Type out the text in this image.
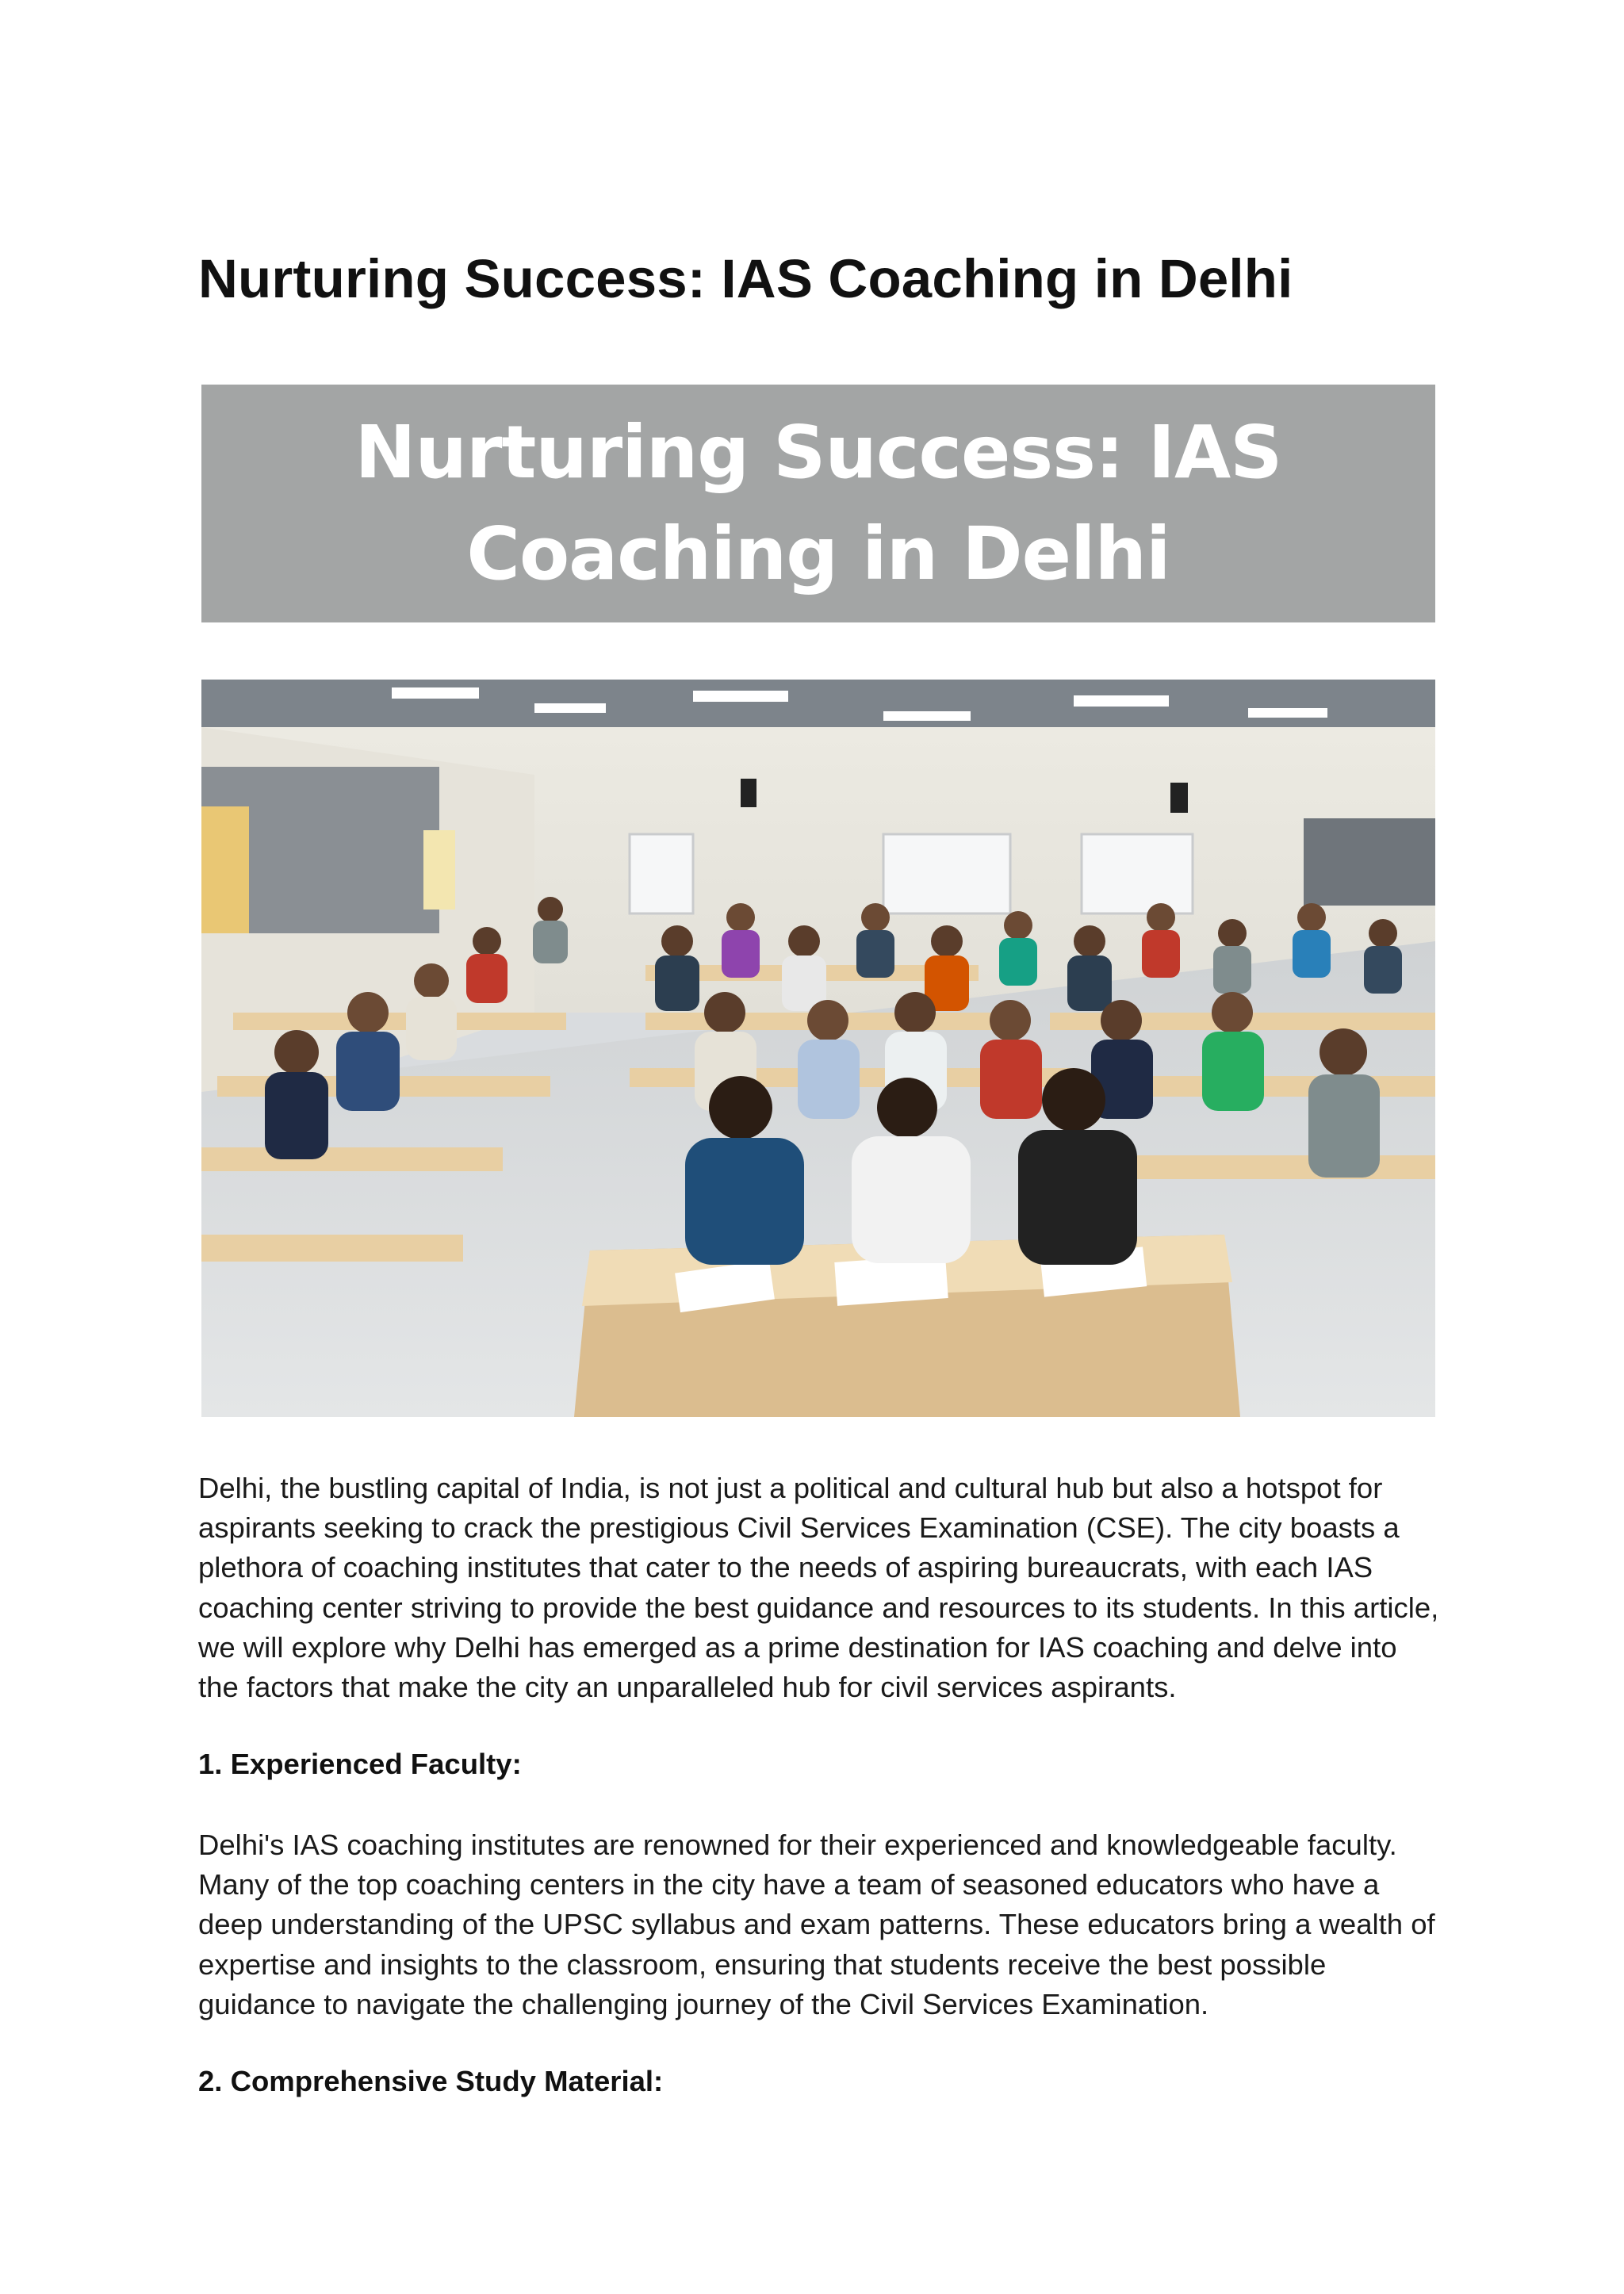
Nurturing Success: IAS Coaching in Delhi
Nurturing Success: IAS
Coaching in Delhi

Delhi, the bustling capital of India, is not just a political and cultural hub but also a hotspot for aspirants seeking to crack the prestigious Civil Services Examination (CSE). The city boasts a plethora of coaching institutes that cater to the needs of aspiring bureaucrats, with each IAS coaching center striving to provide the best guidance and resources to its students. In this article, we will explore why Delhi has emerged as a prime destination for IAS coaching and delve into the factors that make the city an unparalleled hub for civil services aspirants.

1. Experienced Faculty:

Delhi's IAS coaching institutes are renowned for their experienced and knowledgeable faculty. Many of the top coaching centers in the city have a team of seasoned educators who have a deep understanding of the UPSC syllabus and exam patterns. These educators bring a wealth of expertise and insights to the classroom, ensuring that students receive the best possible guidance to navigate the challenging journey of the Civil Services Examination.

2. Comprehensive Study Material:
